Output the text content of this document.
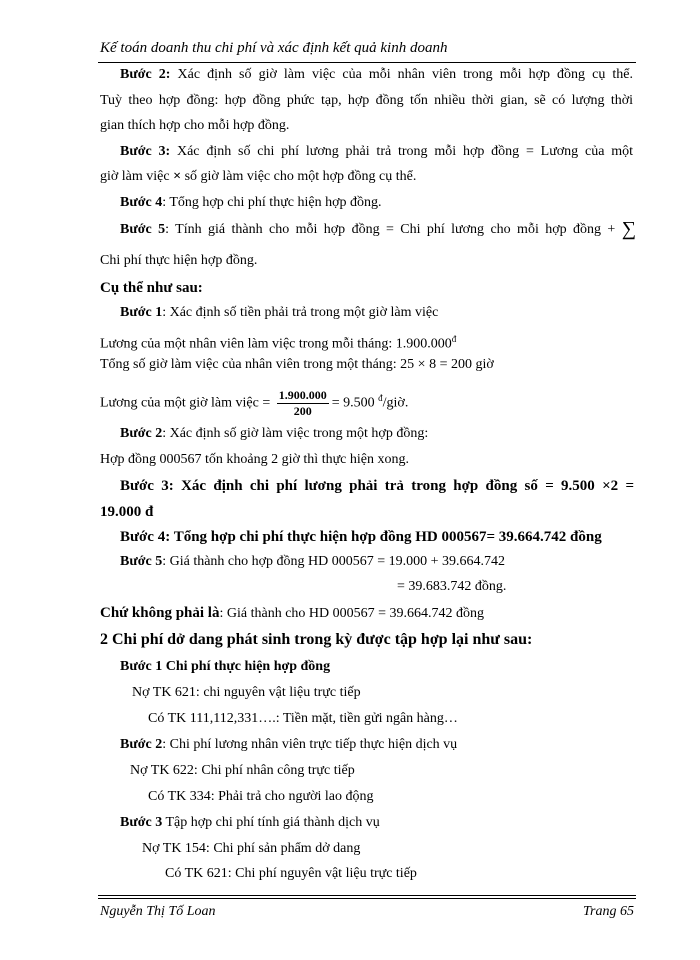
Kế toán doanh thu chi phí và xác định kết quả kinh doanh
Bước 2: Xác định số giờ làm việc của mỗi nhân viên trong mỗi hợp đồng cụ thể.
Tuỳ theo hợp đồng: hợp đồng phức tạp, hợp đồng tốn nhiều thời gian, sẽ có lượng thời
gian thích hợp cho mỗi hợp đồng.
Bước 3: Xác định số chi phí lương phải trả trong mỗi hợp đồng = Lương của một
giờ làm việc × số giờ làm việc cho một hợp đồng cụ thể.
Bước 4: Tổng hợp chi phí thực hiện hợp đồng.
Bước 5: Tính giá thành cho mỗi hợp đồng = Chi phí lương cho mỗi hợp đồng + ∑
Chi phí thực hiện hợp đồng.
Cụ thể như sau:
Bước 1: Xác định số tiền phải trả trong một giờ làm việc
Lương của một nhân viên làm việc trong mỗi tháng: $1.900.000^đ$
Tổng số giờ làm việc của nhân viên trong một tháng: 25 × 8 = 200 giờ
Lương của một giờ làm việc = $\frac{1.900.000}{200} = 9.500$ $^đ$/giờ.
Bước 2: Xác định số giờ làm việc trong một hợp đồng:
Hợp đồng 000567 tốn khoảng 2 giờ thì thực hiện xong.
Bước 3: Xác định chi phí lương phải trả trong hợp đồng số = 9.500 ×2 =
19.000 đ
Bước 4: Tổng hợp chi phí thực hiện hợp đồng HD 000567= 39.664.742 đồng
Bước 5: Giá thành cho hợp đồng HD 000567 = 19.000 + 39.664.742
= 39.683.742 đồng.
Chứ không phải là: Giá thành cho HD 000567 = 39.664.742 đồng
2 Chi phí dở dang phát sinh trong kỳ được tập hợp lại như sau:
Bước 1 Chi phí thực hiện hợp đồng
Nợ TK 621: chi nguyên vật liệu trực tiếp
Có TK 111,112,331….: Tiền mặt, tiền gửi ngân hàng…
Bước 2: Chi phí lương nhân viên trực tiếp thực hiện dịch vụ
Nợ TK 622: Chi phí nhân công trực tiếp
Có TK 334: Phải trả cho người lao động
Bước 3 Tập hợp chi phí tính giá thành dịch vụ
Nợ TK 154: Chi phí sản phẩm dở dang
Có TK 621: Chi phí nguyên vật liệu trực tiếp
Nguyễn Thị Tố Loan	Trang 65
